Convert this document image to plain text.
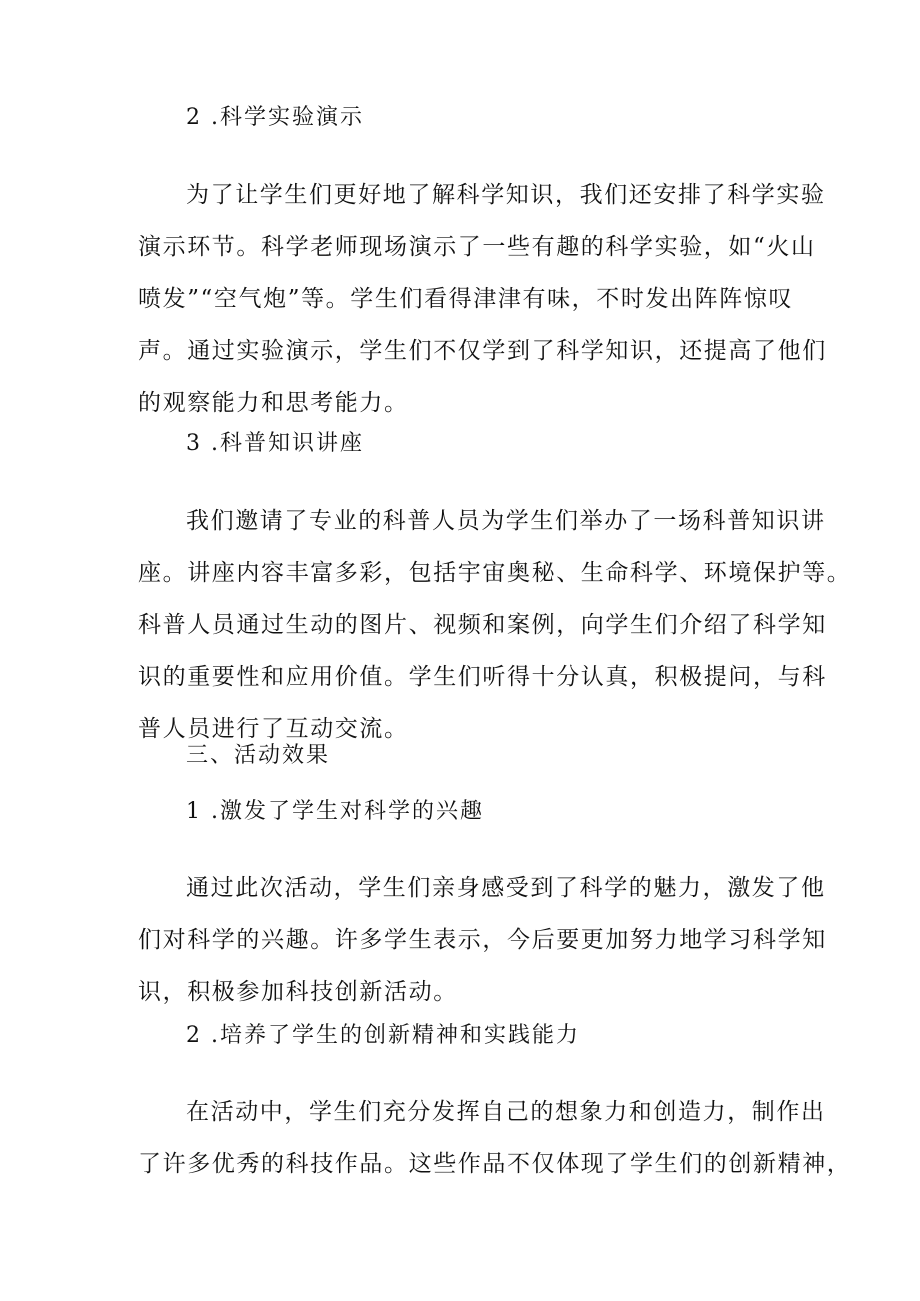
2 .科学实验演示
为了让学生们更好地了解科学知识，我们还安排了科学实验
演示环节。科学老师现场演示了一些有趣的科学实验，如“火山
喷发”“空气炮”等。学生们看得津津有味，不时发出阵阵惊叹
声。通过实验演示，学生们不仅学到了科学知识，还提高了他们
的观察能力和思考能力。
3 .科普知识讲座
我们邀请了专业的科普人员为学生们举办了一场科普知识讲
座。讲座内容丰富多彩，包括宇宙奥秘、生命科学、环境保护等。
科普人员通过生动的图片、视频和案例，向学生们介绍了科学知
识的重要性和应用价值。学生们听得十分认真，积极提问，与科
普人员进行了互动交流。
三、活动效果
1 .激发了学生对科学的兴趣
通过此次活动，学生们亲身感受到了科学的魅力，激发了他
们对科学的兴趣。许多学生表示，今后要更加努力地学习科学知
识，积极参加科技创新活动。
2 .培养了学生的创新精神和实践能力
在活动中，学生们充分发挥自己的想象力和创造力，制作出
了许多优秀的科技作品。这些作品不仅体现了学生们的创新精神，
